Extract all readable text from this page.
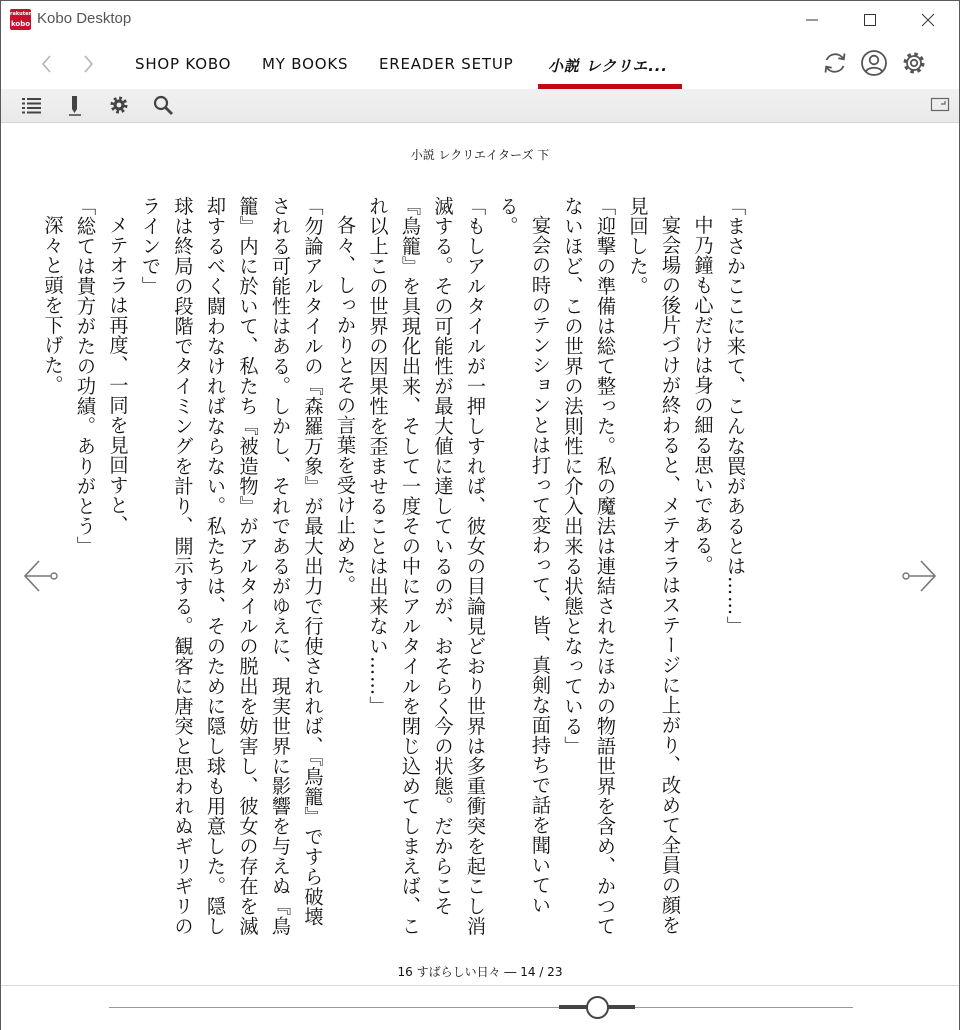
rakuten
kobo Kobo Desktop
SHOP KOBO MY BOOKS EREADER SETUP 小説 レクリエ...
小説 レクリエイターズ 下

「まさかここに来て、こんな罠があるとは……」

中乃鐘も心だけは身の細る思いである。

宴会場の後片づけが終わると、メテオラはステージに上がり、改めて全員の顔を見回した。

「迎撃の準備は総て整った。私の魔法は連結されたほかの物語世界を含め、かつてないほど、この世界の法則性に介入出来る状態となっている」

宴会の時のテンションとは打って変わって、皆、真剣な面持ちで話を聞いている。

「もしアルタイルが一押しすれば、彼女の目論見どおり世界は多重衝突を起こし消滅する。その可能性が最大値に達しているのが、おそらく今の状態。だからこそ『鳥籠』を具現化出来、そして一度その中にアルタイルを閉じ込めてしまえば、これ以上この世界の因果性を歪ませることは出来ない……」

各々、しっかりとその言葉を受け止めた。

「勿論アルタイルの『森羅万象』が最大出力で行使されれば、『鳥籠』ですら破壊される可能性はある。しかし、それであるがゆえに、現実世界に影響を与えぬ『鳥籠』内に於いて、私たち『被造物』がアルタイルの脱出を妨害し、彼女の存在を滅却するべく闘わなければならない。私たちは、そのために隠し球も用意した。隠し球は終局の段階でタイミングを計り、開示する。観客に唐突と思われぬギリギリのラインで」

メテオラは再度、一同を見回すと、

「総ては貴方がたの功績。ありがとう」

深々と頭を下げた。

16 すばらしい日々 ― 14 / 23
